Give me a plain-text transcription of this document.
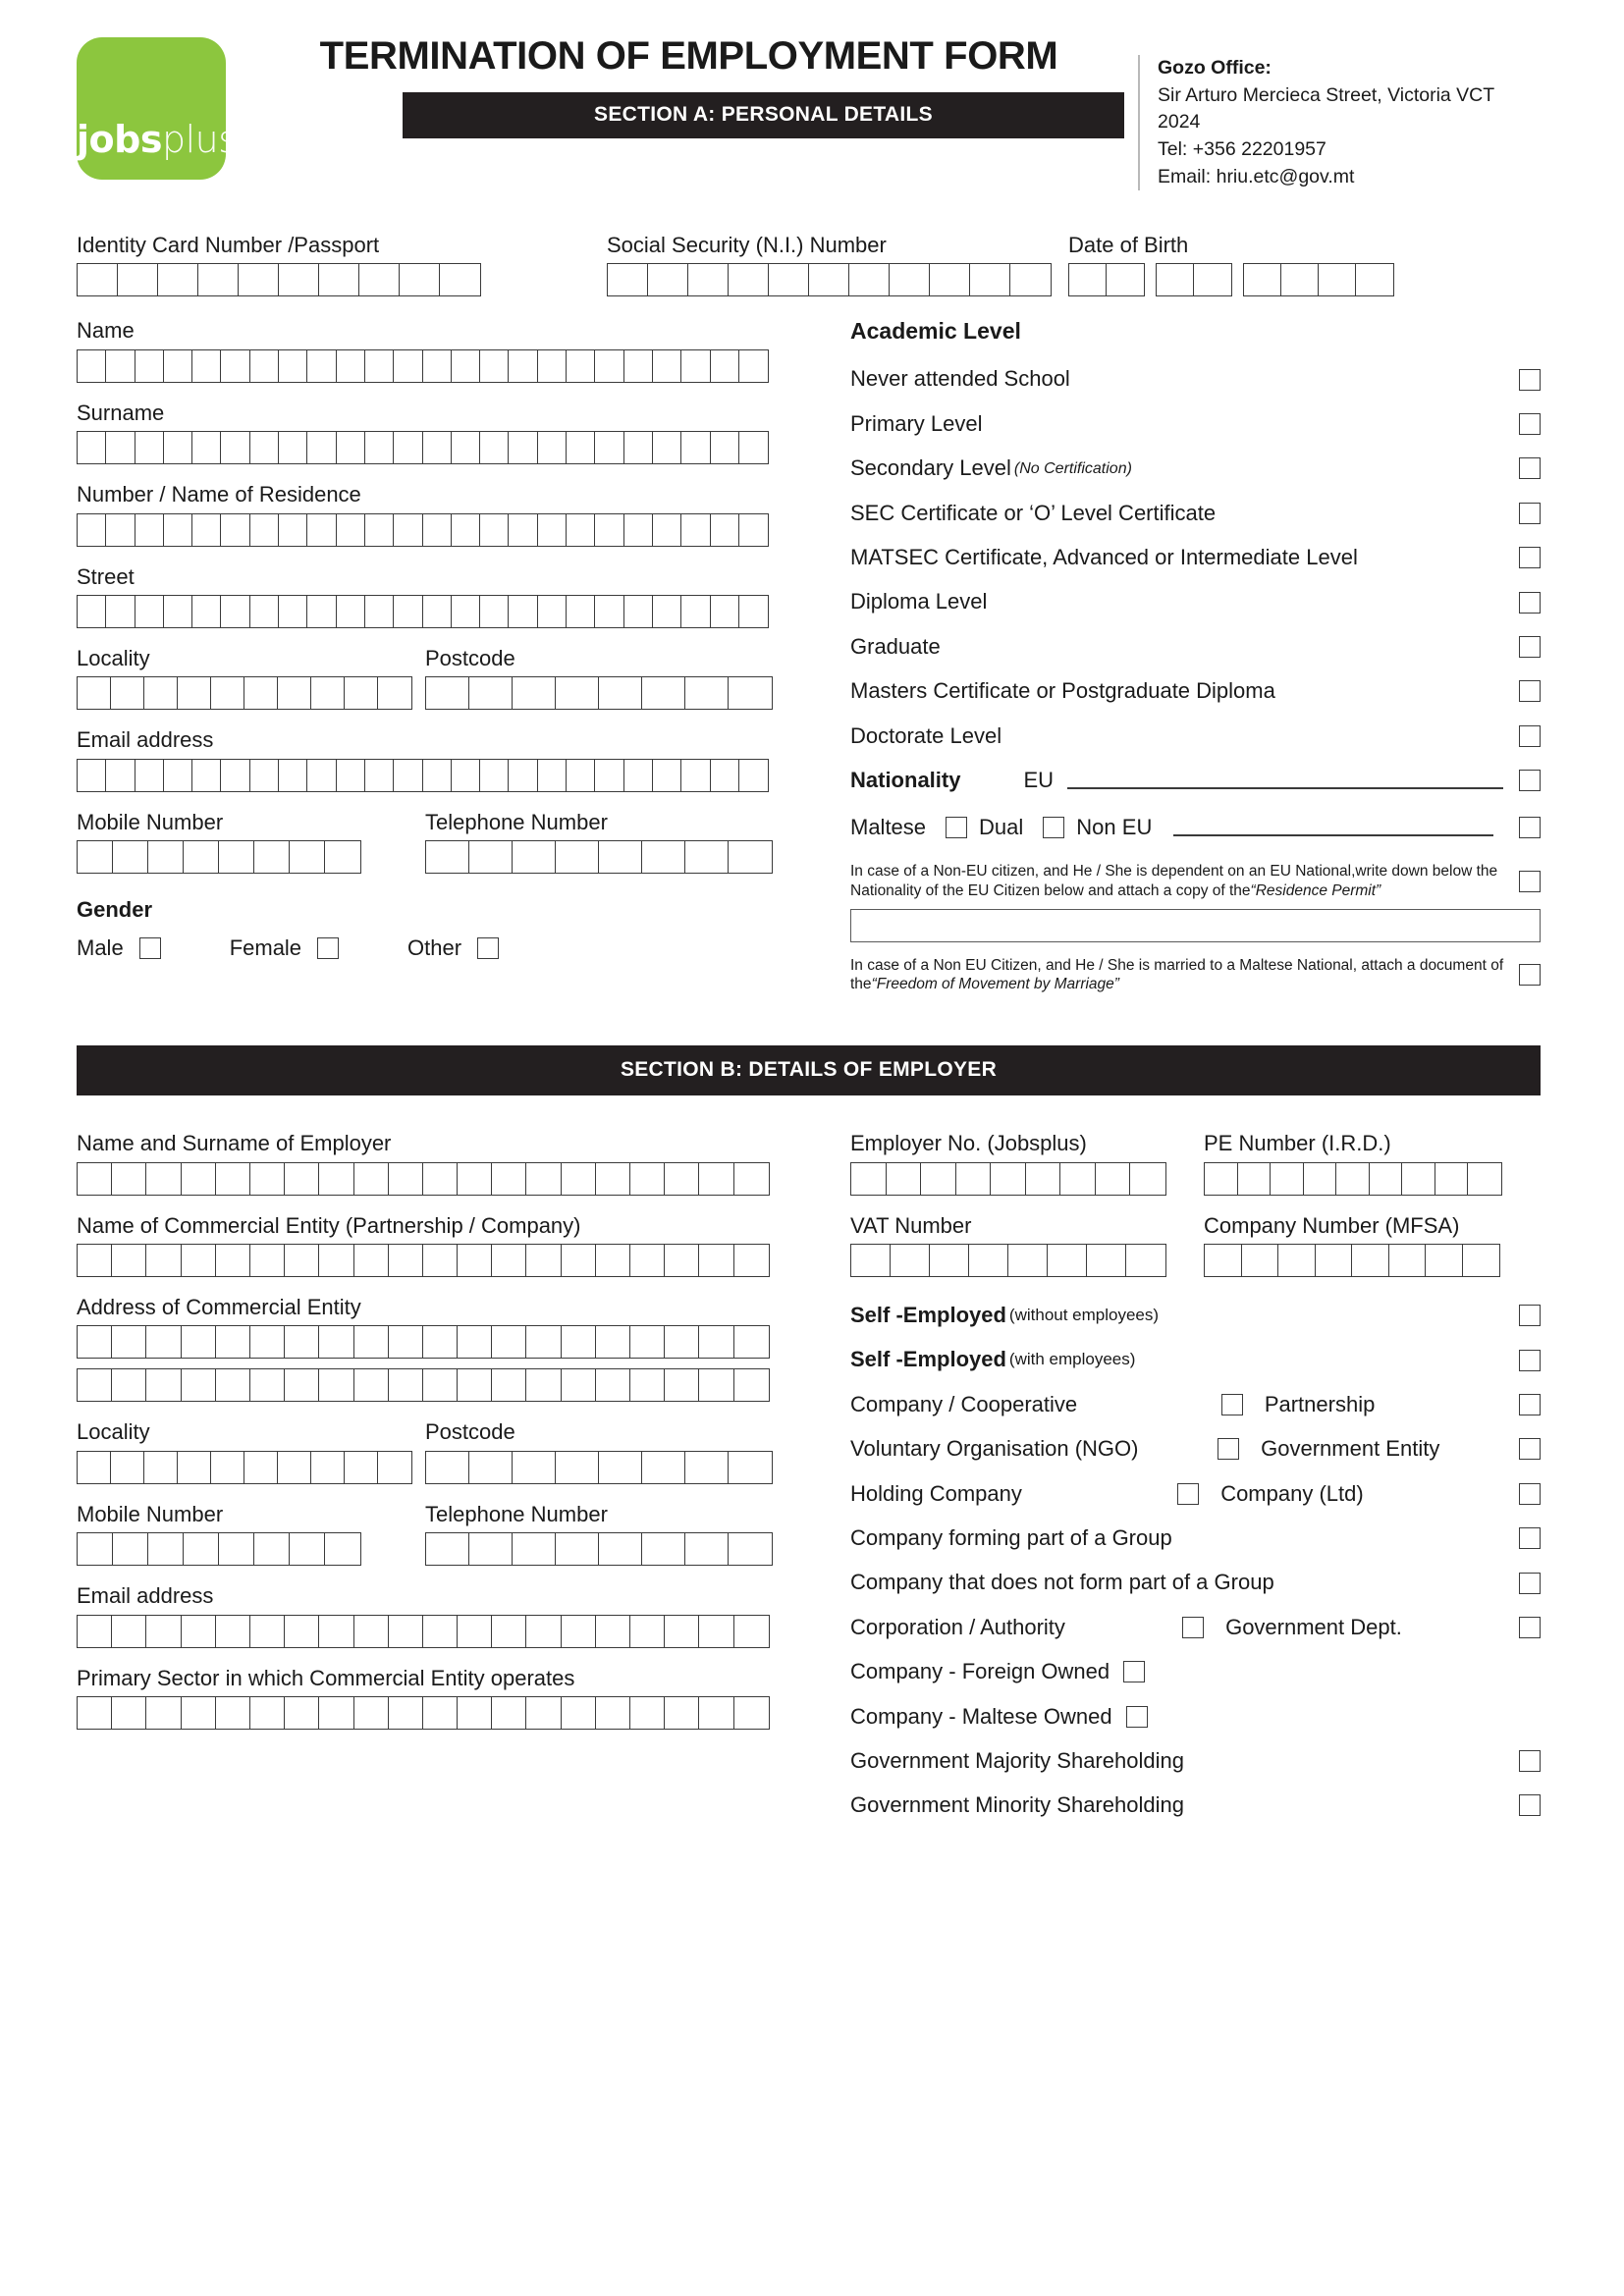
jobsplus
TERMINATION OF EMPLOYMENT FORM
SECTION A: PERSONAL DETAILS
Gozo Office:
Sir Arturo Mercieca Street, Victoria VCT 2024
Tel: +356 22201957
Email: hriu.etc@gov.mt
Identity Card Number /Passport	Social Security (N.I.) Number	Date of Birth
Name
Surname
Number / Name of Residence
Street
Locality	Postcode
Email address
Mobile Number	Telephone Number
Gender
Male	Female	Other
Academic Level
Never attended School
Primary Level
Secondary Level (No Certification)
SEC Certificate or ‘O’ Level Certificate
MATSEC Certificate, Advanced or Intermediate Level
Diploma Level
Graduate
Masters Certificate or Postgraduate Diploma
Doctorate Level
Nationality	EU
Maltese Dual Non EU
In case of a Non-EU citizen, and He / She is dependent on an EU National,write down below the Nationality of the EU Citizen below and attach a copy of the“Residence Permit”
In case of a Non EU Citizen, and He / She is married to a Maltese National, attach a document of the“Freedom of Movement by Marriage”
SECTION B: DETAILS OF EMPLOYER
Name and Surname of Employer
Name of Commercial Entity (Partnership / Company)
Address of Commercial Entity
Locality	Postcode
Mobile Number	Telephone Number
Email address
Primary Sector in which Commercial Entity operates
Employer No. (Jobsplus)	PE Number (I.R.D.)
VAT Number	Company Number (MFSA)
Self -Employed (without employees)
Self -Employed (with employees)
Company / Cooperative	Partnership
Voluntary Organisation (NGO)	Government Entity
Holding Company	Company (Ltd)
Company forming part of a Group
Company that does not form part of a Group
Corporation / Authority	Government Dept.
Company - Foreign Owned
Company - Maltese Owned
Government Majority Shareholding
Government Minority Shareholding
